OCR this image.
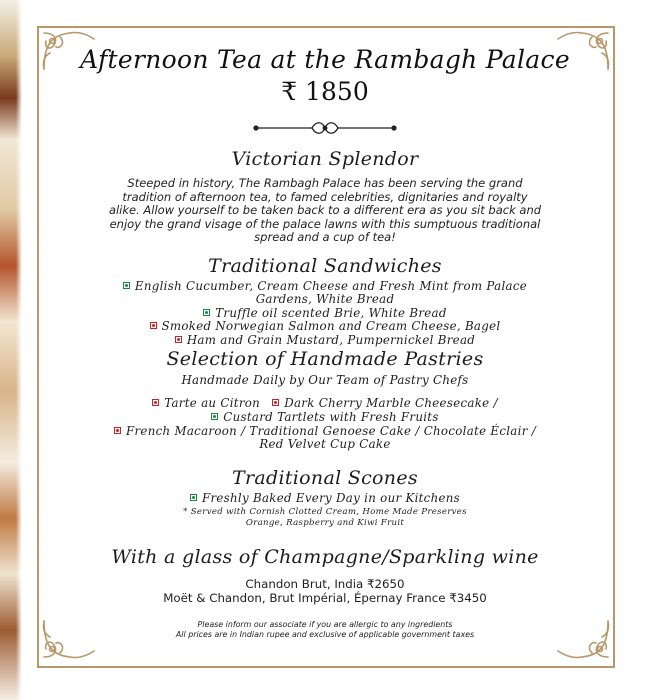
Afternoon Tea at the Rambagh Palace
₹ 1850
Victorian Splendor
Steeped in history, The Rambagh Palace has been serving the grand
tradition of afternoon tea, to famed celebrities, dignitaries and royalty
alike. Allow yourself to be taken back to a different era as you sit back and
enjoy the grand visage of the palace lawns with this sumptuous traditional
spread and a cup of tea!
Traditional Sandwiches
English Cucumber, Cream Cheese and Fresh Mint from Palace
Gardens, White Bread
Truffle oil scented Brie, White Bread
Smoked Norwegian Salmon and Cream Cheese, Bagel
Ham and Grain Mustard, Pumpernickel Bread
Selection of Handmade Pastries
Handmade Daily by Our Team of Pastry Chefs
Tarte au Citron Dark Cherry Marble Cheesecake /
Custard Tartlets with Fresh Fruits
French Macaroon / Traditional Genoese Cake / Chocolate Éclair /
Red Velvet Cup Cake
Traditional Scones
Freshly Baked Every Day in our Kitchens
* Served with Cornish Clotted Cream, Home Made Preserves
Orange, Raspberry and Kiwi Fruit
With a glass of Champagne/Sparkling wine
Chandon Brut, India ₹2650
Moët & Chandon, Brut Impérial, Épernay France ₹3450
Please inform our associate if you are allergic to any ingredients
All prices are in Indian rupee and exclusive of applicable government taxes
